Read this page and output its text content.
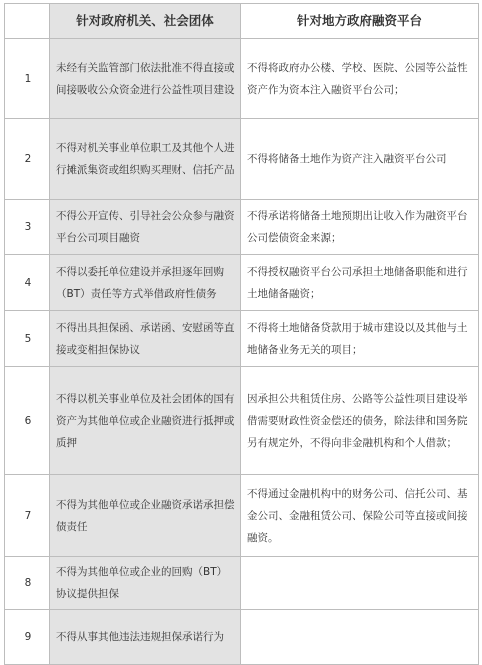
	针对政府机关、社会团体	针对地方政府融资平台
1	未经有关监管部门依法批准不得直接或间接吸收公众资金进行公益性项目建设	不得将政府办公楼、学校、医院、公园等公益性资产作为资本注入融资平台公司；
2	不得对机关事业单位职工及其他个人进行摊派集资或组织购买理财、信托产品	不得将储备土地作为资产注入融资平台公司
3	不得公开宣传、引导社会公众参与融资平台公司项目融资	不得承诺将储备土地预期出让收入作为融资平台公司偿债资金来源；
4	不得以委托单位建设并承担逐年回购（BT）责任等方式举借政府性债务	不得授权融资平台公司承担土地储备职能和进行土地储备融资；
5	不得出具担保函、承诺函、安慰函等直接或变相担保协议	不得将土地储备贷款用于城市建设以及其他与土地储备业务无关的项目；
6	不得以机关事业单位及社会团体的国有资产为其他单位或企业融资进行抵押或质押	因承担公共租赁住房、公路等公益性项目建设举借需要财政性资金偿还的债务，除法律和国务院另有规定外，不得向非金融机构和个人借款；
7	不得为其他单位或企业融资承诺承担偿债责任	不得通过金融机构中的财务公司、信托公司、基金公司、金融租赁公司、保险公司等直接或间接融资。
8	不得为其他单位或企业的回购（BT）协议提供担保	
9	不得从事其他违法违规担保承诺行为	
